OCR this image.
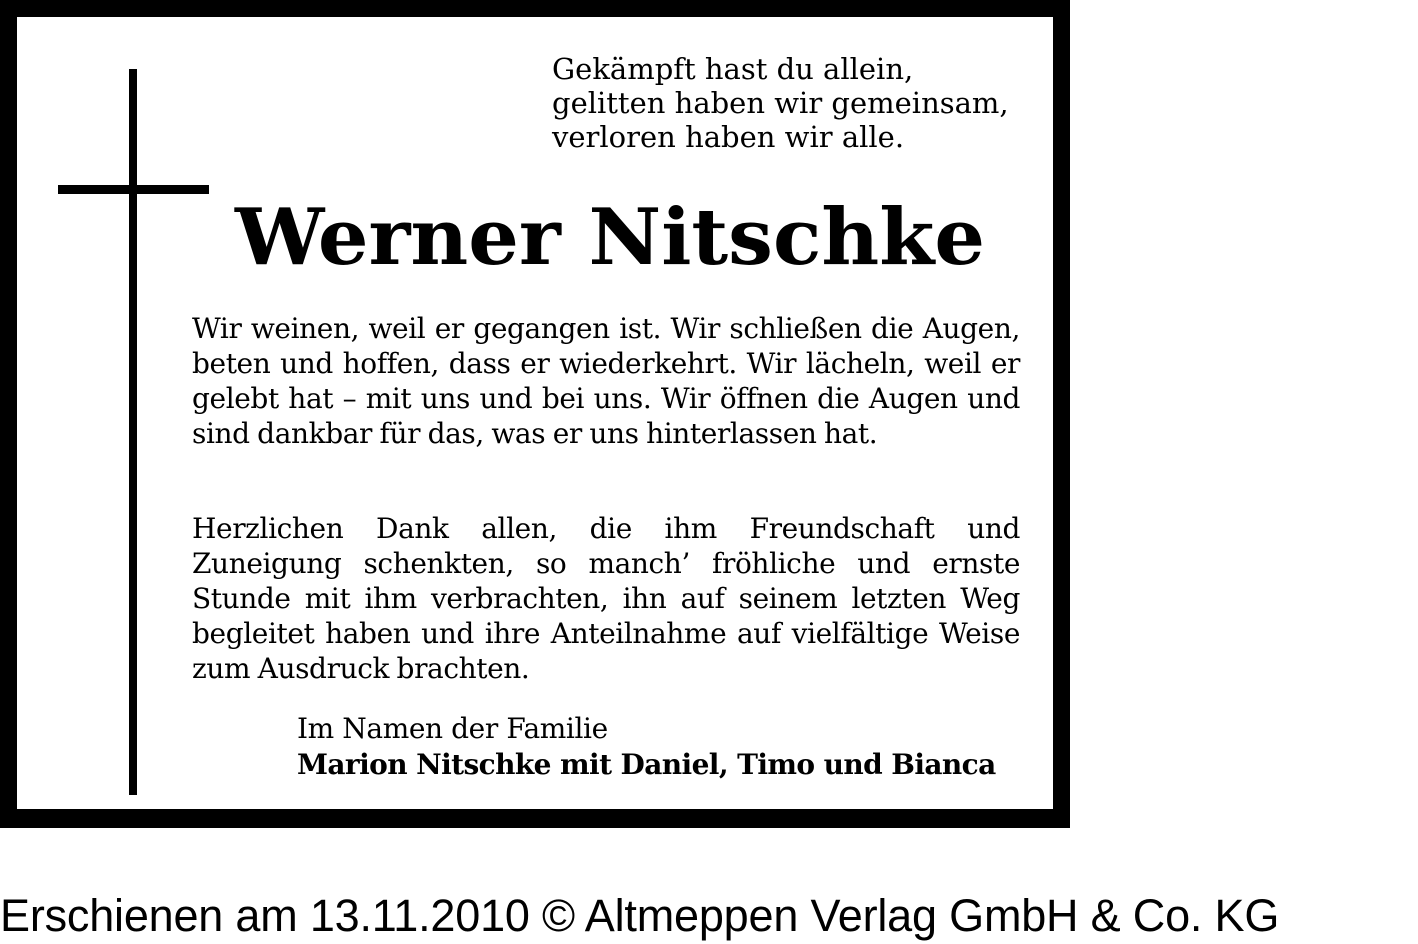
Gekämpft hast du allein,
gelitten haben wir gemeinsam,
verloren haben wir alle.
Werner Nitschke
Wir weinen, weil er gegangen ist. Wir schließen die Augen, beten und hoffen, dass er wiederkehrt. Wir lächeln, weil er gelebt hat – mit uns und bei uns. Wir öffnen die Augen und sind dankbar für das, was er uns hinterlassen hat.
Herzlichen Dank allen, die ihm Freundschaft und Zuneigung schenkten, so manch’ fröhliche und ernste Stunde mit ihm verbrachten, ihn auf seinem letzten Weg begleitet haben und ihre Anteilnahme auf vielfältige Weise zum Ausdruck brachten.
Im Namen der Familie
Marion Nitschke mit Daniel, Timo und Bianca
Erschienen am 13.11.2010 © Altmeppen Verlag GmbH & Co. KG
